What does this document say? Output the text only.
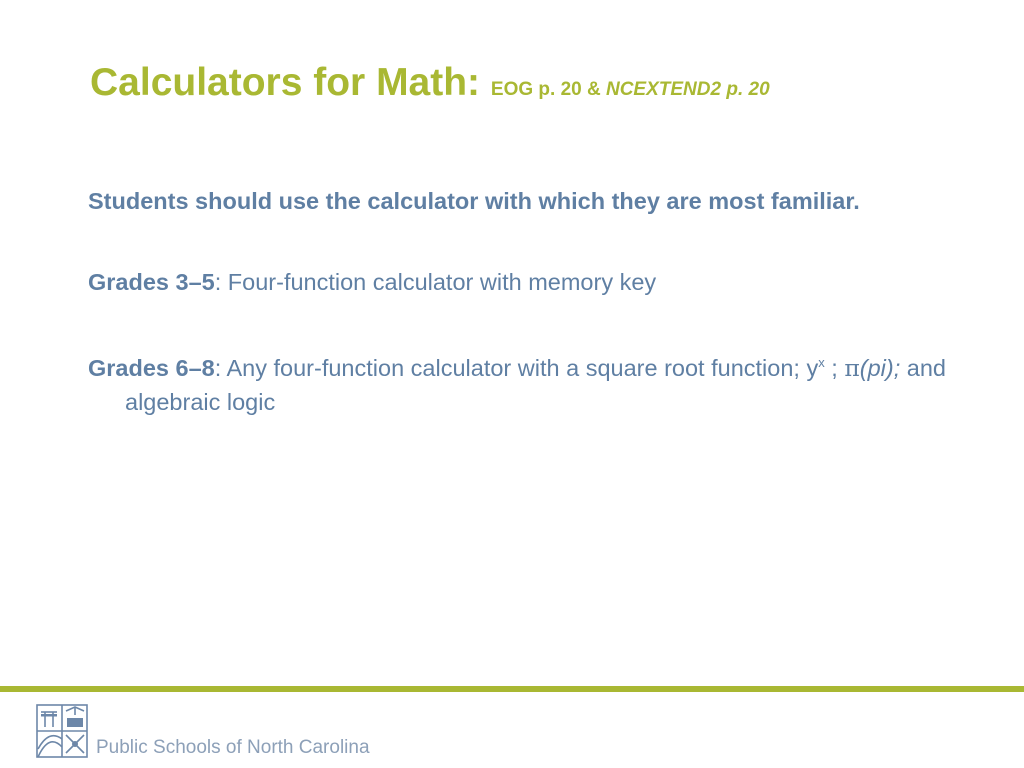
Calculators for Math: EOG p. 20 & NCEXTEND2 p. 20

Students should use the calculator with which they are most familiar.

Grades 3–5: Four-function calculator with memory key

Grades 6–8: Any four-function calculator with a square root function; $y^x$ ; π(pi); and algebraic logic

Public Schools of North Carolina
